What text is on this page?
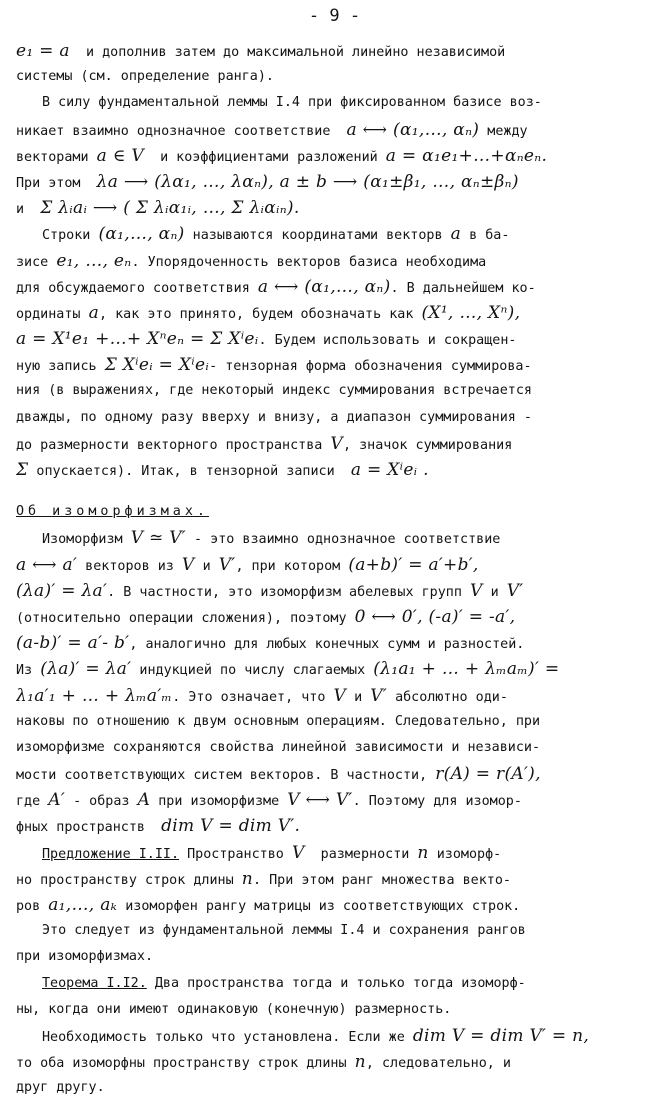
- 9 -
e₁ = a и дополнив затем до максимальной линейно независимой
системы (см. определение ранга).
В силу фундаментальной леммы I.4 при фиксированном базисе воз-
никает взаимно однозначное соответствие a ⟷ (α₁,…, αₙ) между
векторами a ∈ V и коэффициентами разложений a = α₁e₁+…+αₙeₙ.
При этом λa ⟶ (λα₁, …, λαₙ), a ± b ⟶ (α₁±β₁, …, αₙ±βₙ)
и Σ λᵢaᵢ ⟶ ( Σ λᵢα₁ᵢ, …, Σ λᵢαᵢₙ).
Строки (α₁,…, αₙ) называются координатами векторв a в ба-
зисе e₁, …, eₙ. Упорядоченность векторов базиса необходима
для обсуждаемого соответствия a ⟷ (α₁,…, αₙ). В дальнейшем ко-
ординаты a, как это принято, будем обозначать как (X¹, …, Xⁿ),
a = X¹e₁ +…+ Xⁿeₙ = Σ Xⁱeᵢ. Будем использовать и сокращен-
ную запись Σ Xⁱeᵢ = Xⁱeᵢ- тензорная форма обозначения суммирова-
ния (в выражениях, где некоторый индекс суммирования встречается
дважды, по одному разу вверху и внизу, а диапазон суммирования -
до размерности векторного пространства V, значок суммирования
Σ опускается). Итак, в тензорной записи a = Xⁱeᵢ .
Об изоморфизмах.
Изоморфизм V ≃ V′ - это взаимно однозначное соответствие
a ⟷ a′ векторов из V и V′, при котором (a+b)′ = a′+b′,
(λa)′ = λa′. В частности, это изоморфизм абелевых групп V и V′
(относительно операции сложения), поэтому 0 ⟷ 0′, (-a)′ = -a′,
(a-b)′ = a′- b′, аналогично для любых конечных сумм и разностей.
Из (λa)′ = λa′ индукцией по числу слагаемых (λ₁a₁ + … + λₘaₘ)′ =
λ₁a′₁ + … + λₘa′ₘ. Это означает, что V и V′ абсолютно оди-
наковы по отношению к двум основным операциям. Следовательно, при
изоморфизме сохраняются свойства линейной зависимости и независи-
мости соответствующих систем векторов. В частности, r(A) = r(A′),
где A′ - образ A при изоморфизме V ⟷ V′. Поэтому для изомор-
фных пространств dim V = dim V′.
Предложение I.II. Пространство V размерности n изоморф-
но пространству строк длины n. При этом ранг множества векто-
ров a₁,…, aₖ изоморфен рангу матрицы из соответствующих строк.
Это следует из фундаментальной леммы I.4 и сохранения рангов
при изоморфизмах.
Теорема I.I2. Два пространства тогда и только тогда изоморф-
ны, когда они имеют одинаковую (конечную) размерность.
Необходимость только что установлена. Если же dim V = dim V′ = n,
то оба изоморфны пространству строк длины n, следовательно, и
друг другу.
